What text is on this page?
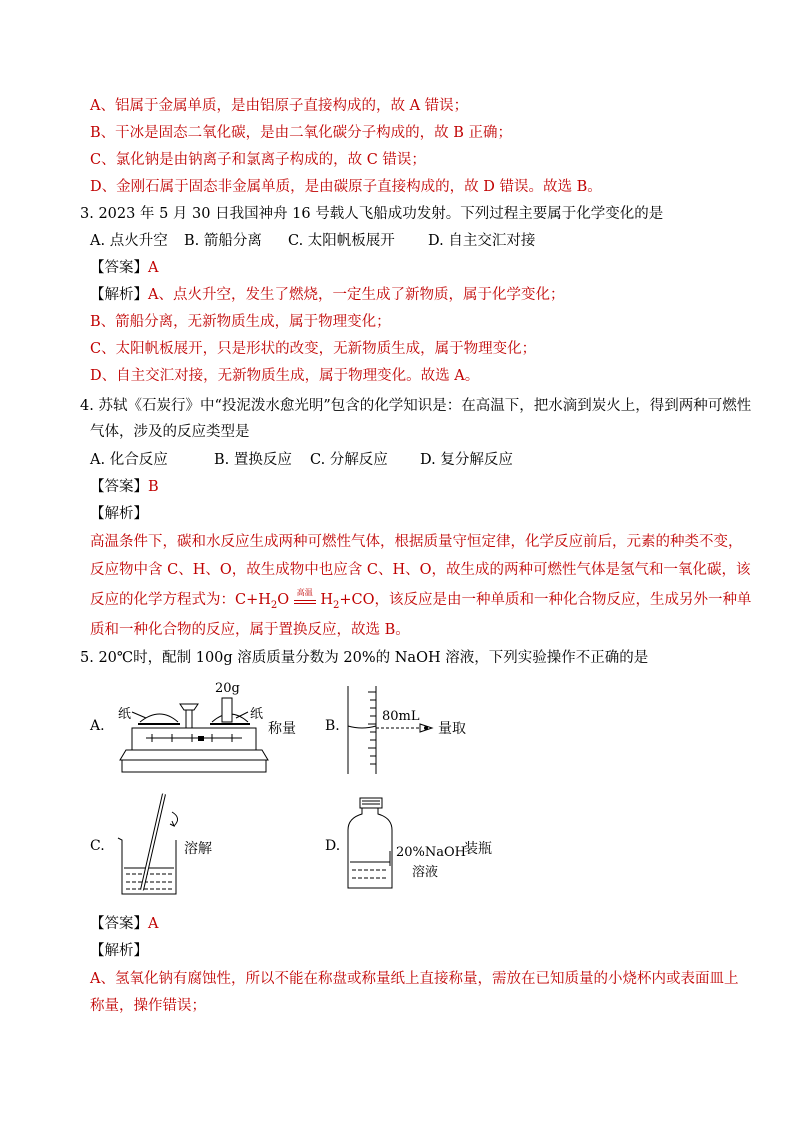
A、铝属于金属单质，是由铝原子直接构成的，故 A 错误；
B、干冰是固态二氧化碳，是由二氧化碳分子构成的，故 B 正确；
C、氯化钠是由钠离子和氯离子构成的，故 C 错误；
D、金刚石属于固态非金属单质，是由碳原子直接构成的，故 D 错误。故选 B。
3. 2023 年 5 月 30 日我国神舟 16 号载人飞船成功发射。下列过程主要属于化学变化的是
A. 点火升空 B. 箭船分离 C. 太阳帆板展开 D. 自主交汇对接
【答案】A
【解析】A、点火升空，发生了燃烧，一定生成了新物质，属于化学变化；
B、箭船分离，无新物质生成，属于物理变化；
C、太阳帆板展开，只是形状的改变，无新物质生成，属于物理变化；
D、自主交汇对接，无新物质生成，属于物理变化。故选 A。
4. 苏轼《石炭行》中“投泥泼水愈光明”包含的化学知识是：在高温下，把水滴到炭火上，得到两种可燃性
气体，涉及的反应类型是
A. 化合反应	B. 置换反应 C. 分解反应 D. 复分解反应
【答案】B
【解析】
高温条件下，碳和水反应生成两种可燃性气体，根据质量守恒定律，化学反应前后，元素的种类不变，
反应物中含 C、H、O，故生成物中也应含 C、H、O，故生成的两种可燃性气体是氢气和一氧化碳，该
反应的化学方程式为：$C+H_2O$ 高温 $H_2+CO$，该反应是由一种单质和一种化合物反应，生成另外一种单
质和一种化合物的反应，属于置换反应，故选 B。
5. 20℃时，配制 100g 溶质质量分数为 20%的 NaOH 溶液，下列实验操作不正确的是
A.
20g
纸	纸
称量 B.
80mL
量取
C.	溶解	D.	20%NaOH
溶液
装瓶
【答案】A
【解析】
A、氢氧化钠有腐蚀性，所以不能在称盘或称量纸上直接称量，需放在已知质量的小烧杯内或表面皿上
称量，操作错误；
